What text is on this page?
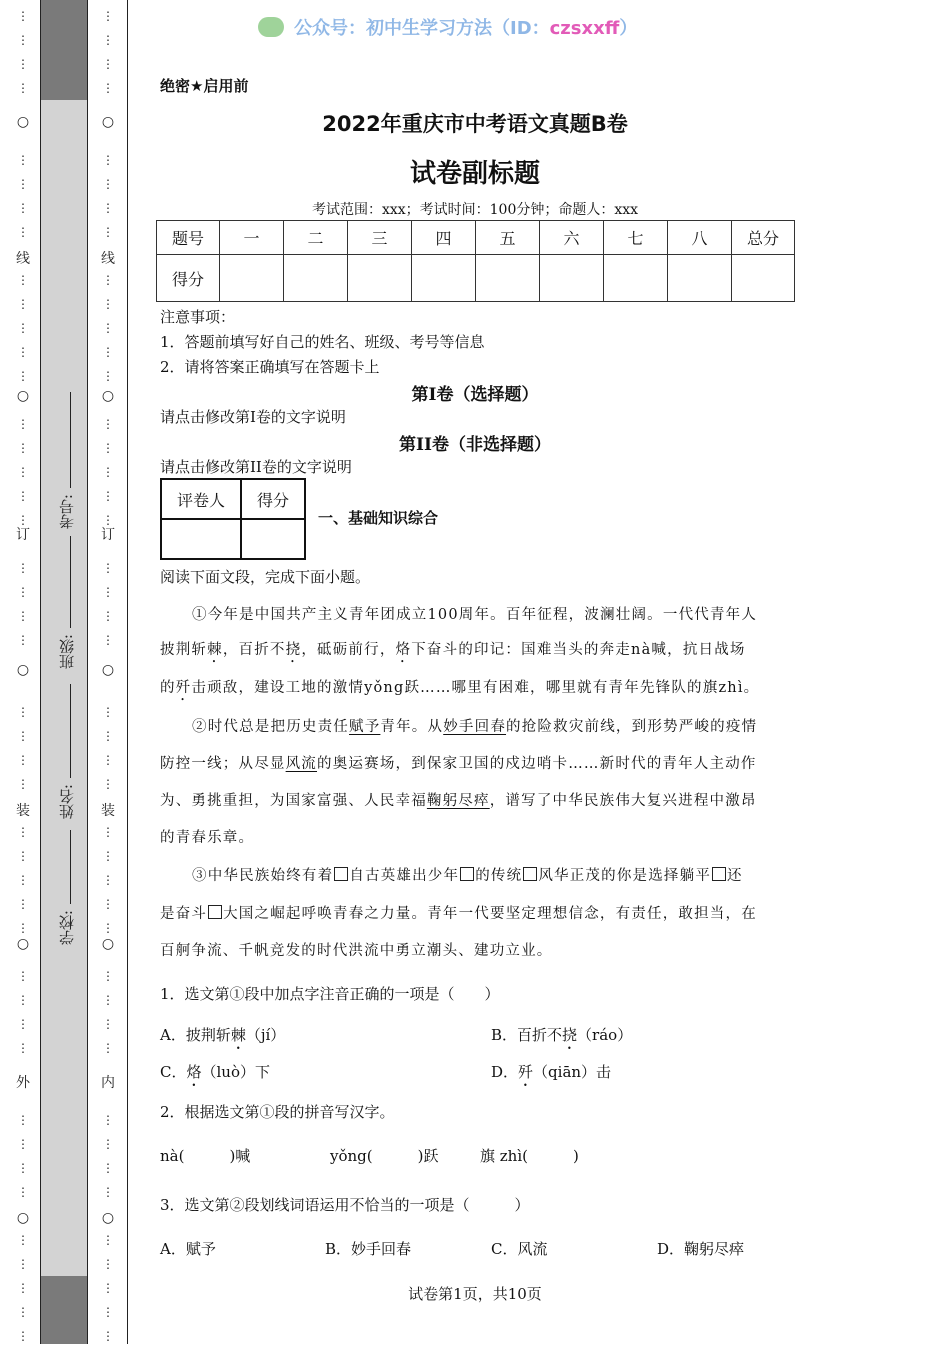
⋮
⋮
⋮
⋮
⋮
⋮
⋮
⋮
⋮
⋮
⋮
⋮
⋮
⋮
⋮
⋮
⋮
⋮
⋮
⋮
⋮
⋮
⋮
⋮
⋮
⋮
⋮
⋮
⋮
⋮
⋮
⋮
⋮
⋮
⋮
⋮
⋮
⋮
⋮
⋮
⋮
⋮
⋮
⋮
⋮
⋮
⋮
⋮
⋮
⋮
⋮
⋮
⋮
⋮
⋮
⋮
⋮
⋮
⋮
⋮
⋮
⋮
⋮
⋮
⋮
⋮
⋮
⋮
⋮
⋮
⋮
⋮
⋮
⋮
⋮
⋮
⋮
⋮
⋮
⋮
⋮
⋮
⋮
⋮
⋮
⋮
⋮
⋮
线
订
装
外
线
订
装
内
○
○
○
○
○
○
○
○
○
○
考号:
班级:
姓名:
学校:
公众号：初中生学习方法（ID：czsxxff）
绝密★启用前
2022年重庆市中考语文真题B卷
试卷副标题
考试范围：xxx；考试时间：100分钟；命题人：xxx
题号	一	二	三	四	五	六	七	八	总分
得分									
注意事项：
1．答题前填写好自己的姓名、班级、考号等信息
2．请将答案正确填写在答题卡上
第I卷（选择题）
请点击修改第I卷的文字说明
第II卷（非选择题）
请点击修改第II卷的文字说明
评卷人	得分

一、基础知识综合
阅读下面文段，完成下面小题。
①今年是中国共产主义青年团成立100周年。百年征程，波澜壮阔。一代代青年人
披荆斩棘，百折不挠，砥砺前行，烙下奋斗的印记：国难当头的奔走nà喊，抗日战场
的歼击顽敌，建设工地的激情yǒng跃……哪里有困难，哪里就有青年先锋队的旗zhì。
②时代总是把历史责任赋予青年。从妙手回春的抢险救灾前线，到形势严峻的疫情
防控一线；从尽显风流的奥运赛场，到保家卫国的戍边哨卡……新时代的青年人主动作
为、勇挑重担，为国家富强、人民幸福鞠躬尽瘁，谱写了中华民族伟大复兴进程中激昂
的青春乐章。
③中华民族始终有着 自古英雄出少年 的传统 风华正茂的你是选择躺平 还
是奋斗 大国之崛起呼唤青春之力量。青年一代要坚定理想信念，有责任，敢担当，在
百舸争流、千帆竞发的时代洪流中勇立潮头、建功立业。
1．选文第①段中加点字注音正确的一项是（　　）
A．披荆斩棘（jí）	B．百折不挠（ráo）
C．烙（luò）下	D．歼（qiān）击
2．根据选文第①段的拼音写汉字。
nà(　　　)喊	yǒng(　　　)跃	旗 zhì(　　　)
3．选文第②段划线词语运用不恰当的一项是（　　　）
A．赋予	B．妙手回春	C．风流	D．鞠躬尽瘁
试卷第1页，共10页
